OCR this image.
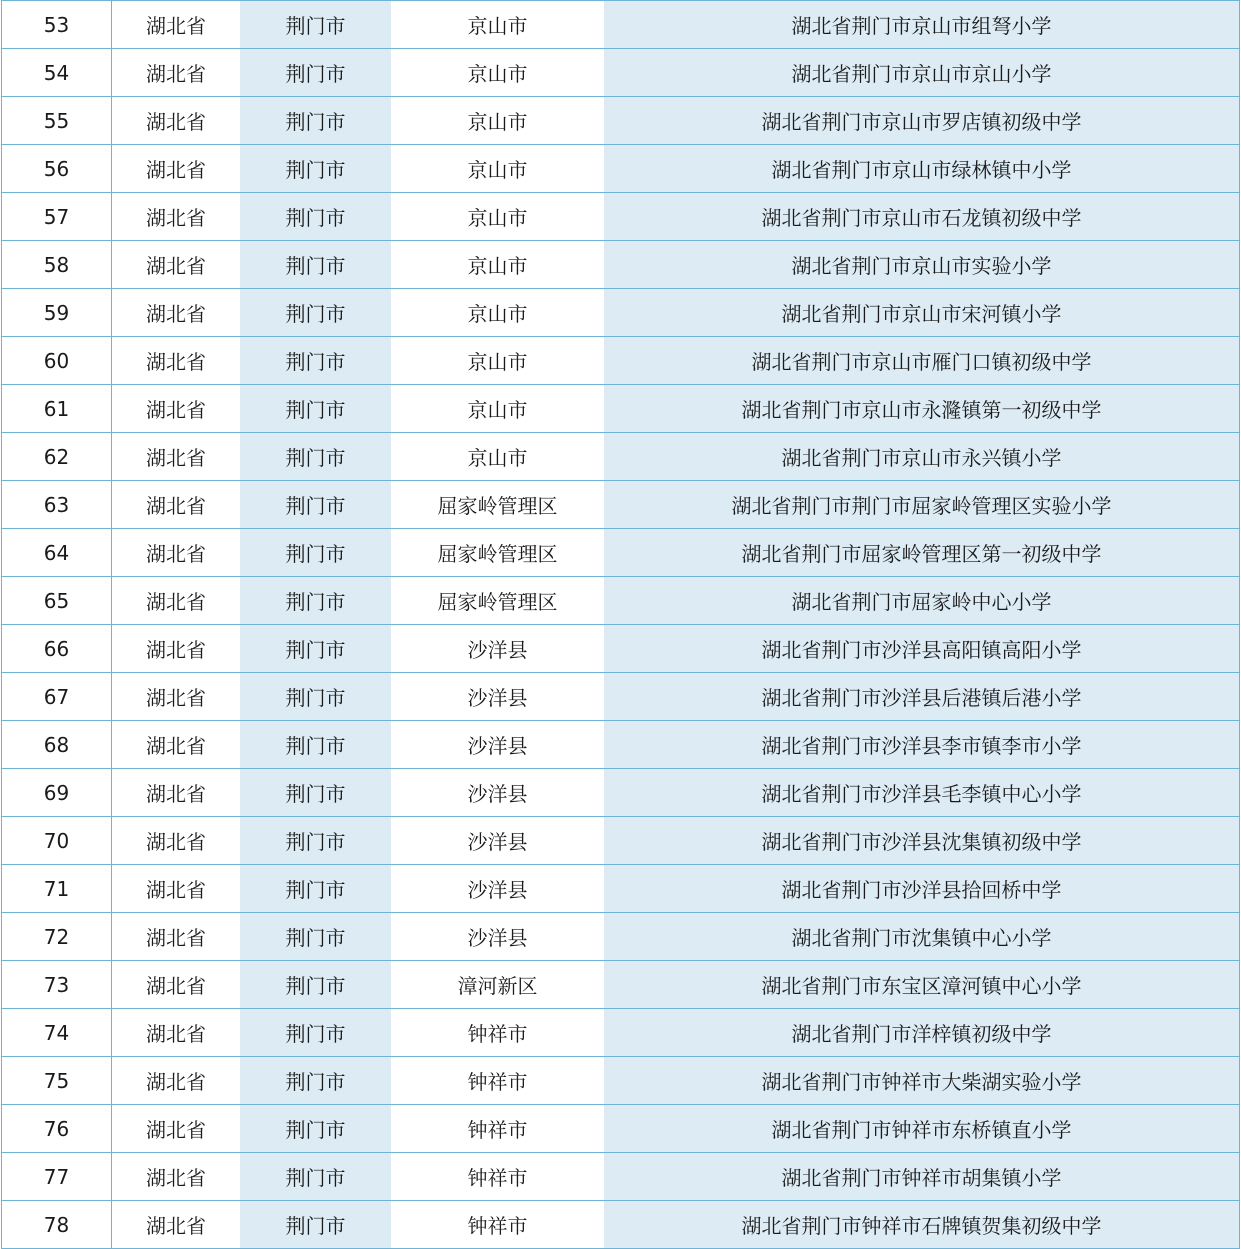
53	湖北省	荆门市	京山市	湖北省荆门市京山市组弩小学
54	湖北省	荆门市	京山市	湖北省荆门市京山市京山小学
55	湖北省	荆门市	京山市	湖北省荆门市京山市罗店镇初级中学
56	湖北省	荆门市	京山市	湖北省荆门市京山市绿林镇中小学
57	湖北省	荆门市	京山市	湖北省荆门市京山市石龙镇初级中学
58	湖北省	荆门市	京山市	湖北省荆门市京山市实验小学
59	湖北省	荆门市	京山市	湖北省荆门市京山市宋河镇小学
60	湖北省	荆门市	京山市	湖北省荆门市京山市雁门口镇初级中学
61	湖北省	荆门市	京山市	湖北省荆门市京山市永漋镇第一初级中学
62	湖北省	荆门市	京山市	湖北省荆门市京山市永兴镇小学
63	湖北省	荆门市	屈家岭管理区	湖北省荆门市荆门市屈家岭管理区实验小学
64	湖北省	荆门市	屈家岭管理区	湖北省荆门市屈家岭管理区第一初级中学
65	湖北省	荆门市	屈家岭管理区	湖北省荆门市屈家岭中心小学
66	湖北省	荆门市	沙洋县	湖北省荆门市沙洋县高阳镇高阳小学
67	湖北省	荆门市	沙洋县	湖北省荆门市沙洋县后港镇后港小学
68	湖北省	荆门市	沙洋县	湖北省荆门市沙洋县李市镇李市小学
69	湖北省	荆门市	沙洋县	湖北省荆门市沙洋县毛李镇中心小学
70	湖北省	荆门市	沙洋县	湖北省荆门市沙洋县沈集镇初级中学
71	湖北省	荆门市	沙洋县	湖北省荆门市沙洋县拾回桥中学
72	湖北省	荆门市	沙洋县	湖北省荆门市沈集镇中心小学
73	湖北省	荆门市	漳河新区	湖北省荆门市东宝区漳河镇中心小学
74	湖北省	荆门市	钟祥市	湖北省荆门市洋梓镇初级中学
75	湖北省	荆门市	钟祥市	湖北省荆门市钟祥市大柴湖实验小学
76	湖北省	荆门市	钟祥市	湖北省荆门市钟祥市东桥镇直小学
77	湖北省	荆门市	钟祥市	湖北省荆门市钟祥市胡集镇小学
78	湖北省	荆门市	钟祥市	湖北省荆门市钟祥市石牌镇贺集初级中学
